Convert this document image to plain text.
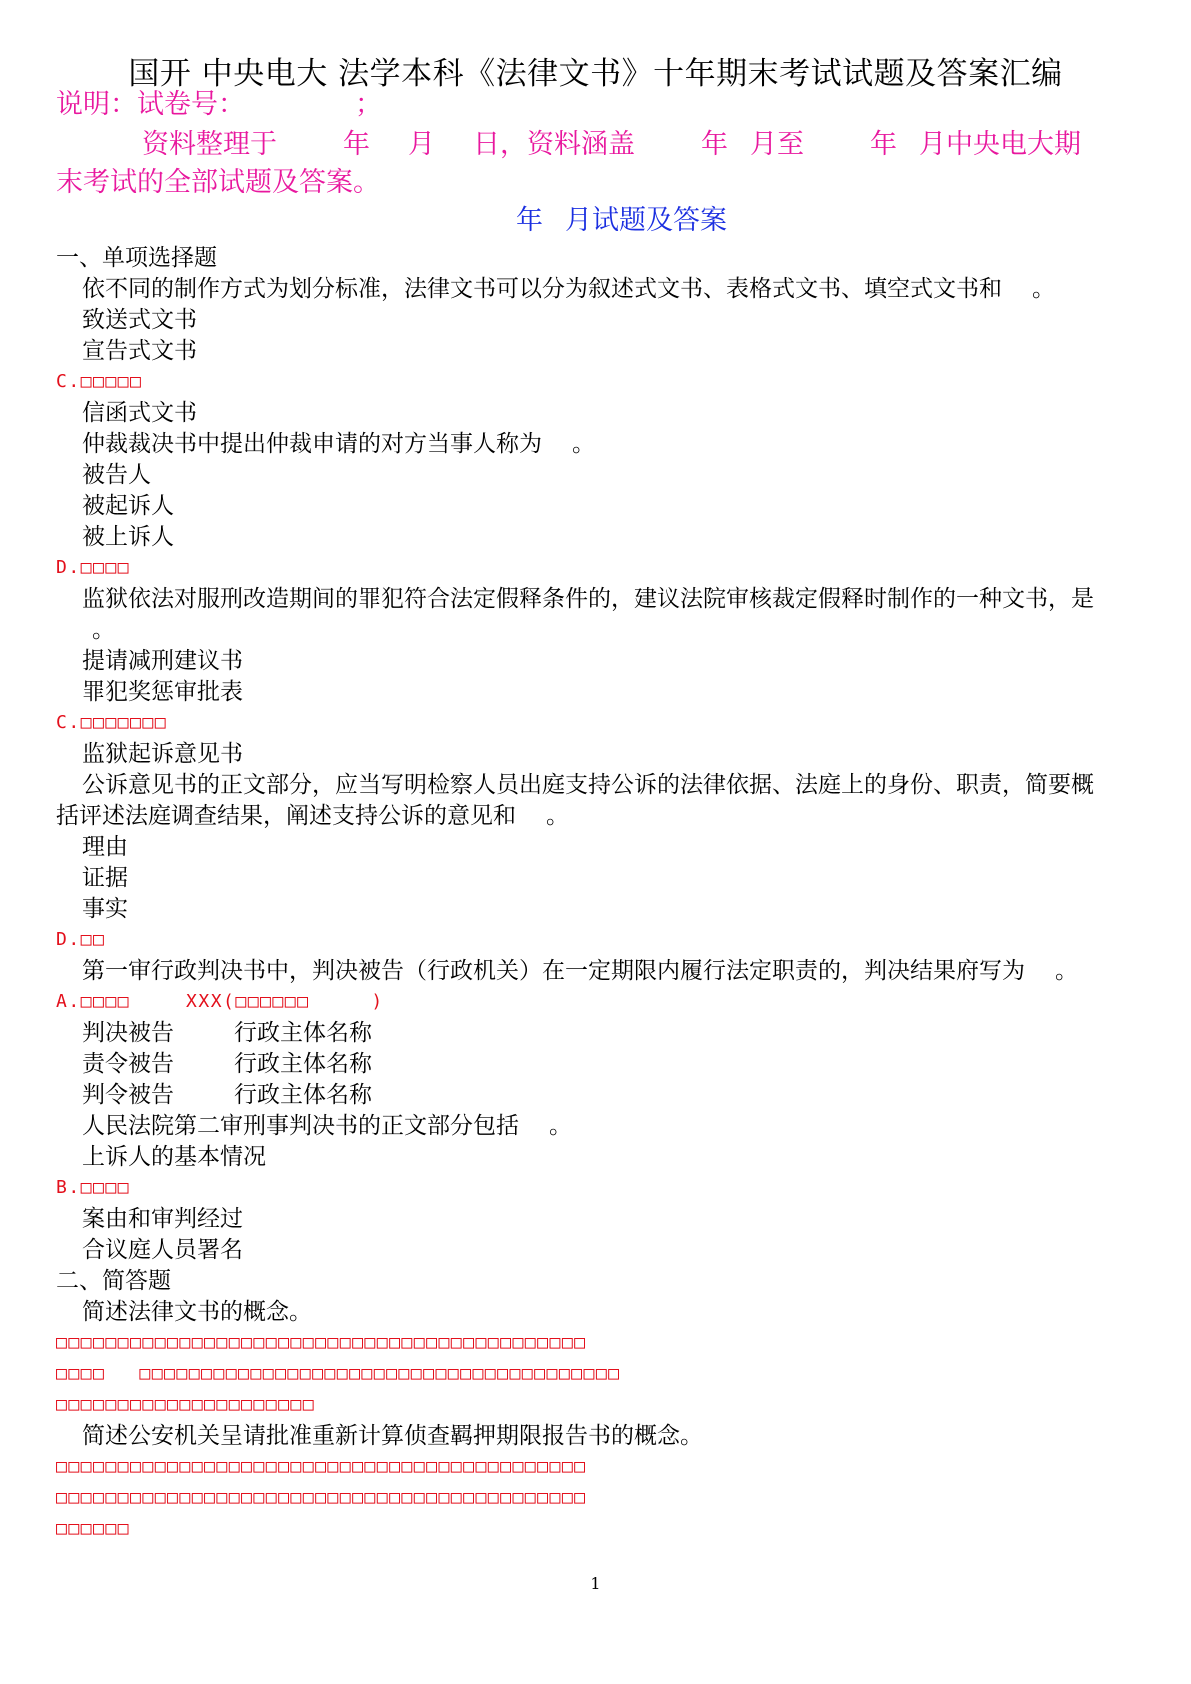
国开 中央电大 法学本科《法律文书》十年期末考试试题及答案汇编
说明：试卷号：	；
资料整理于 年 月 日，资料涵盖 年 月至 年 月中央电大期
末考试的全部试题及答案。
年 月试题及答案
一、单项选择题
依不同的制作方式为划分标准，法律文书可以分为叙述式文书、表格式文书、填空式文书和 。
致送式文书
宣告式文书
C.□□□□□
信函式文书
仲裁裁决书中提出仲裁申请的对方当事人称为 。
被告人
被起诉人
被上诉人
D.□□□□
监狱依法对服刑改造期间的罪犯符合法定假释条件的，建议法院审核裁定假释时制作的一种文书，是
。
提请减刑建议书
罪犯奖惩审批表
C.□□□□□□□
监狱起诉意见书
公诉意见书的正文部分，应当写明检察人员出庭支持公诉的法律依据、法庭上的身份、职责，简要概
括评述法庭调查结果，阐述支持公诉的意见和 。
理由
证据
事实
D.□□
第一审行政判决书中，判决被告（行政机关）在一定期限内履行法定职责的，判决结果府写为 。
A.□□□□	XXX(□□□□□□	)
判决被告	行政主体名称
责令被告	行政主体名称
判令被告	行政主体名称
人民法院第二审刑事判决书的正文部分包括 。
上诉人的基本情况
B.□□□□
案由和审判经过
合议庭人员署名
二、简答题
简述法律文书的概念。
□□□□□□□□□□□□□□□□□□□□□□□□□□□□□□□□□□□□□□□□□□□
□□□□ □□□□□□□□□□□□□□□□□□□□□□□□□□□□□□□□□□□□□□□
□□□□□□□□□□□□□□□□□□□□□
简述公安机关呈请批准重新计算侦查羁押期限报告书的概念。
□□□□□□□□□□□□□□□□□□□□□□□□□□□□□□□□□□□□□□□□□□□
□□□□□□□□□□□□□□□□□□□□□□□□□□□□□□□□□□□□□□□□□□□
□□□□□□
1
